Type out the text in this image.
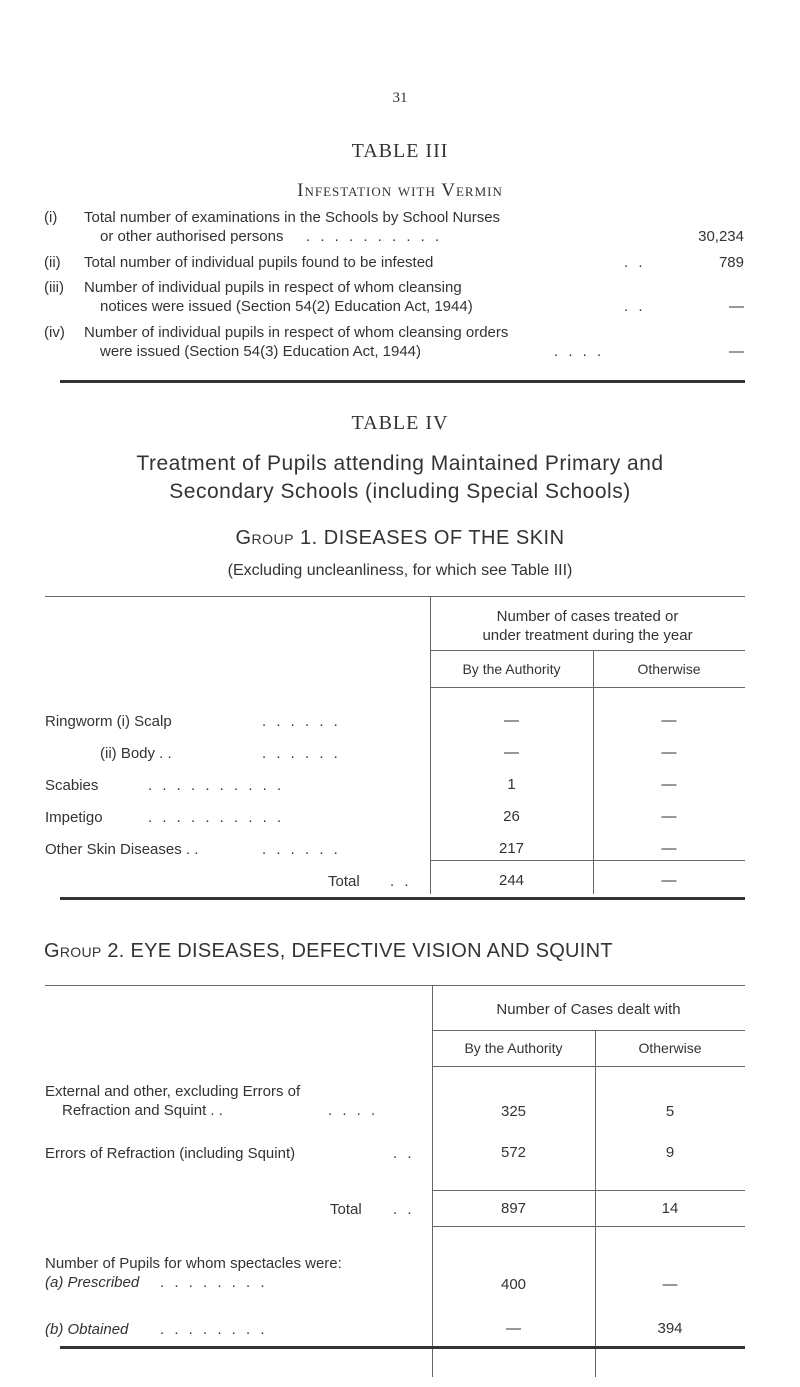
31
TABLE III
Infestation with Vermin
(i)	Total number of examinations in the Schools by School Nurses
or other authorised persons	. . . . . . . . . .	30,234
(ii)	Total number of individual pupils found to be infested	. .	789
(iii)	Number of individual pupils in respect of whom cleansing
notices were issued (Section 54(2) Education Act, 1944)	. .	—
(iv)	Number of individual pupils in respect of whom cleansing orders
were issued (Section 54(3) Education Act, 1944)	. . . .	—
TABLE IV
Treatment of Pupils attending Maintained Primary and
Secondary Schools (including Special Schools)
Group 1. DISEASES OF THE SKIN
(Excluding uncleanliness, for which see Table III)
Number of cases treated or
under treatment during the year
By the Authority	Otherwise
Ringworm (i) Scalp	. . . . . .	—	—
(ii) Body . .	. . . . . .	—	—
Scabies	. . . . . . . . . .	1	—
Impetigo	. . . . . . . . . .	26	—
Other Skin Diseases . .	. . . . . .	217	—
Total . .	244	—
Group 2. EYE DISEASES, DEFECTIVE VISION AND SQUINT
Number of Cases dealt with
By the Authority	Otherwise
External and other, excluding Errors of
Refraction and Squint . .	. . . .	325	5
Errors of Refraction (including Squint)	. .	572	9
Total . .	897	14
Number of Pupils for whom spectacles were:
(a) Prescribed . . . . . . . .	400	—
(b) Obtained . . . . . . . .	—	394
